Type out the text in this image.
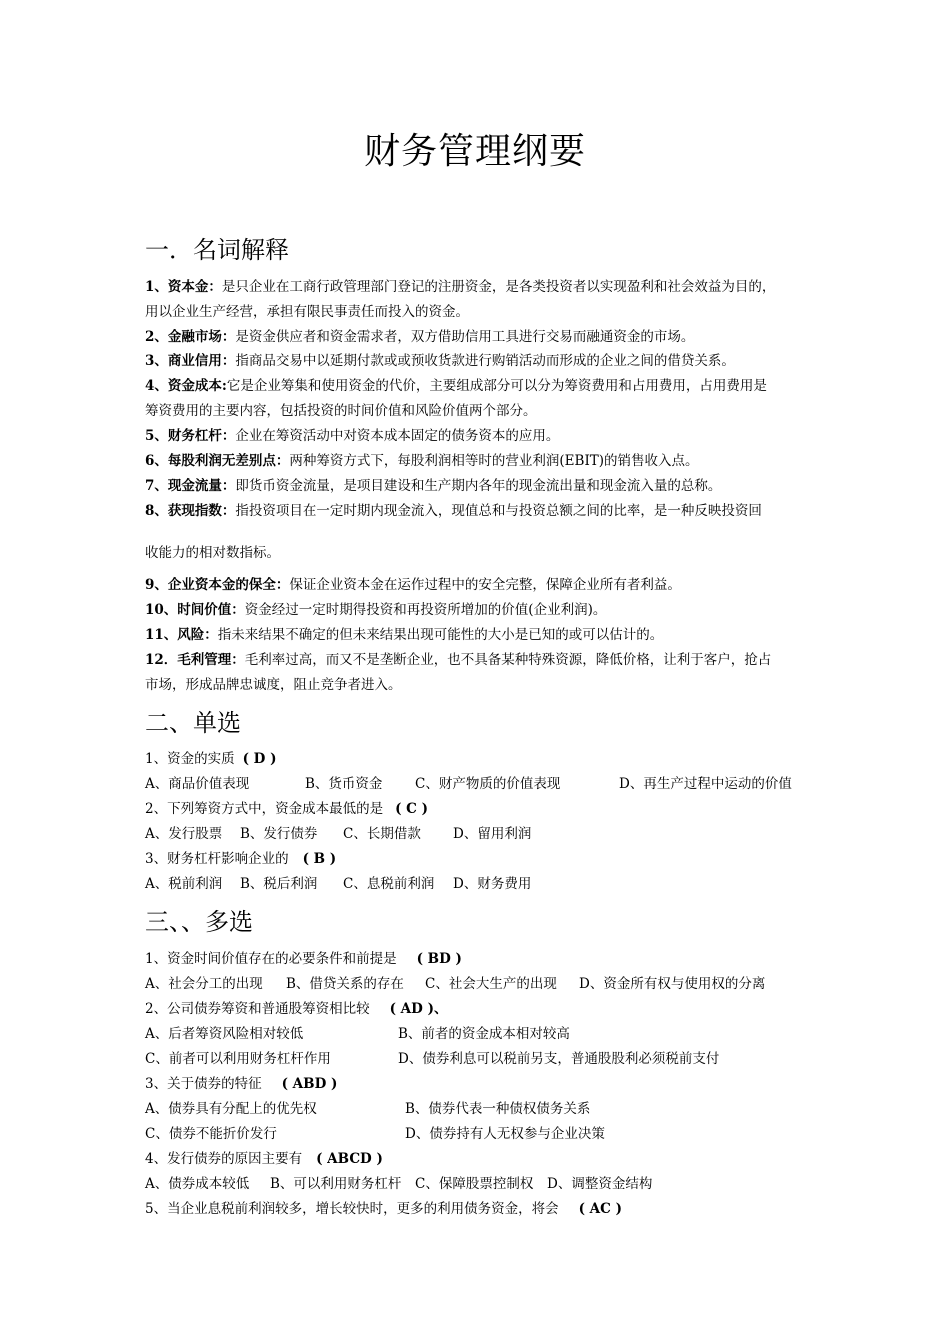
财务管理纲要
一．名词解释
1、资本金：是只企业在工商行政管理部门登记的注册资金，是各类投资者以实现盈利和社会效益为目的，
用以企业生产经营，承担有限民事责任而投入的资金。
2、金融市场：是资金供应者和资金需求者，双方借助信用工具进行交易而融通资金的市场。
3、商业信用：指商品交易中以延期付款或或预收货款进行购销活动而形成的企业之间的借贷关系。
4、资金成本:它是企业筹集和使用资金的代价，主要组成部分可以分为筹资费用和占用费用，占用费用是
筹资费用的主要内容，包括投资的时间价值和风险价值两个部分。
5、财务杠杆：企业在筹资活动中对资本成本固定的债务资本的应用。
6、每股利润无差别点：两种筹资方式下，每股利润相等时的营业利润(EBIT)的销售收入点。
7、现金流量：即货币资金流量，是项目建设和生产期内各年的现金流出量和现金流入量的总称。
8、获现指数：指投资项目在一定时期内现金流入，现值总和与投资总额之间的比率，是一种反映投资回
收能力的相对数指标。
9、企业资本金的保全：保证企业资本金在运作过程中的安全完整，保障企业所有者利益。
10、时间价值：资金经过一定时期得投资和再投资所增加的价值(企业利润)。
11、风险：指未来结果不确定的但未来结果出现可能性的大小是已知的或可以估计的。
12．毛利管理：毛利率过高，而又不是垄断企业，也不具备某种特殊资源，降低价格，让利于客户，抢占
市场，形成品牌忠诚度，阻止竞争者进入。
二、单选
1、资金的实质 ( D )
A、商品价值表现	B、货币资金 C、财产物质的价值表现	D、再生产过程中运动的价值
2、下列筹资方式中，资金成本最低的是 ( C )
A、发行股票 B、发行债券 C、长期借款 D、留用利润
3、财务杠杆影响企业的 ( B )
A、税前利润 B、税后利润 C、息税前利润 D、财务费用
三、、多选
1、资金时间价值存在的必要条件和前提是 ( BD )
A、社会分工的出现 B、借贷关系的存在 C、社会大生产的出现 D、资金所有权与使用权的分离
2、公司债券筹资和普通股筹资相比较 ( AD )、
A、后者筹资风险相对较低	B、前者的资金成本相对较高
C、前者可以利用财务杠杆作用	D、债券利息可以税前另支，普通股股利必须税前支付
3、关于债券的特征 ( ABD )
A、债券具有分配上的优先权	B、债券代表一种债权债务关系
C、债券不能折价发行	D、债券持有人无权参与企业决策
4、发行债券的原因主要有 ( ABCD )
A、债券成本较低 B、可以利用财务杠杆 C、保障股票控制权 D、调整资金结构
5、当企业息税前利润较多，增长较快时，更多的利用债务资金，将会 ( AC )
